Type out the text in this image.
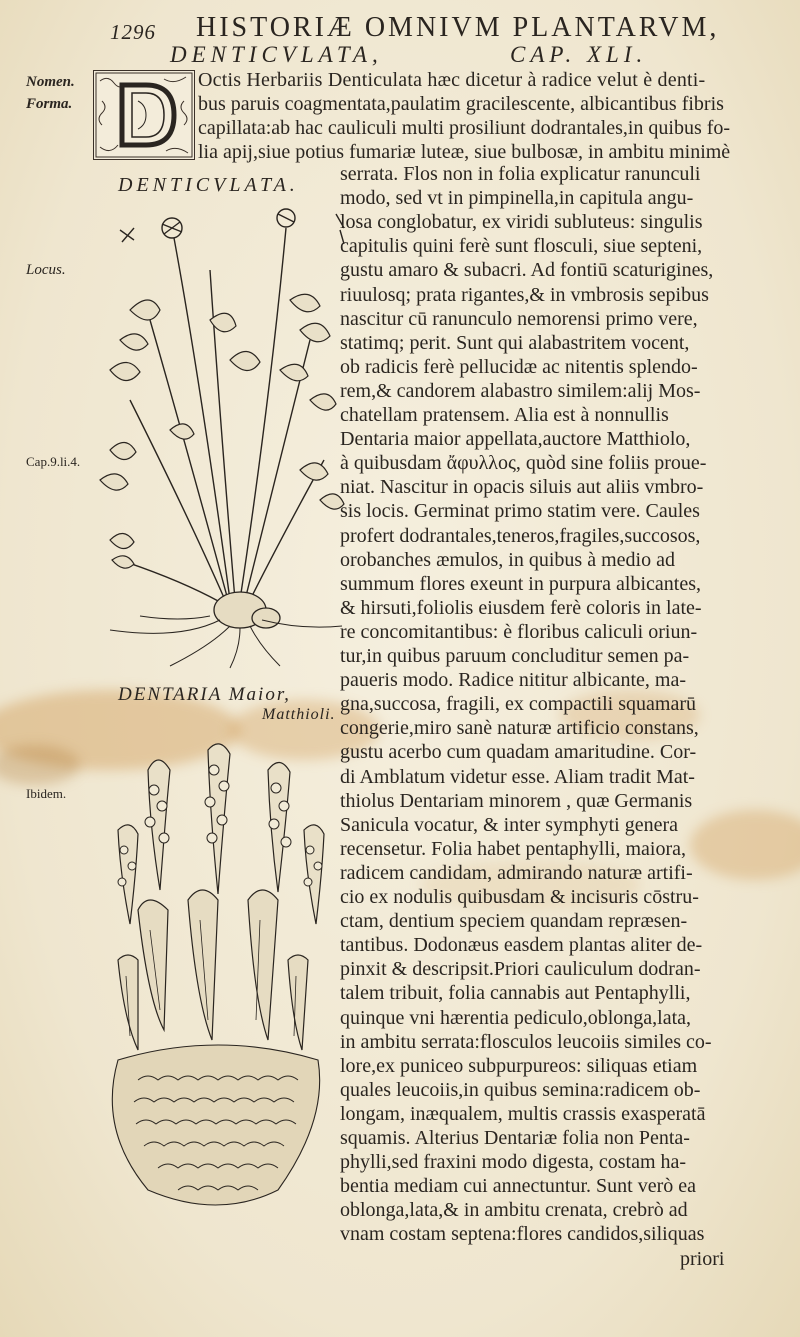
1296 HISTORIÆ OMNIVM PLANTARVM,
DENTICVLATA,	CAP. XLI.
Nomen.
Forma.
Locus.
Cap.9.li.4.
Ibidem.
Octis Herbariis Denticulata hæc dicetur à radice velut è denti-
bus paruis coagmentata,paulatim gracilescente, albicantibus fibris
capillata:ab hac cauliculi multi prosiliunt dodrantales,in quibus fo-
lia apij,siue potius fumariæ luteæ, siue bulbosæ, in ambitu minimè
DENTICVLATA.
DENTARIA Maior,
Matthioli.
serrata. Flos non in folia explicatur ranunculi
modo, sed vt in pimpinella,in capitula angu-
losa conglobatur, ex viridi subluteus: singulis
capitulis quini ferè sunt flosculi, siue septeni,
gustu amaro & subacri. Ad fontiū scaturigines,
riuulosq; prata rigantes,& in vmbrosis sepibus
nascitur cū ranunculo nemorensi primo vere,
statimq; perit. Sunt qui alabastritem vocent,
ob radicis ferè pellucidæ ac nitentis splendo-
rem,& candorem alabastro similem:alij Mos-
chatellam pratensem. Alia est à nonnullis
Dentaria maior appellata,auctore Matthiolo,
à quibusdam ἄφυλλος, quòd sine foliis proue-
niat. Nascitur in opacis siluis aut aliis vmbro-
sis locis. Germinat primo statim vere. Caules
profert dodrantales,teneros,fragiles,succosos,
orobanches æmulos, in quibus à medio ad
summum flores exeunt in purpura albicantes,
& hirsuti,foliolis eiusdem ferè coloris in late-
re concomitantibus: è floribus caliculi oriun-
tur,in quibus paruum concluditur semen pa-
paueris modo. Radice nititur albicante, ma-
gna,succosa, fragili, ex compactili squamarū
congerie,miro sanè naturæ artificio constans,
gustu acerbo cum quadam amaritudine. Cor-
di Amblatum videtur esse. Aliam tradit Mat-
thiolus Dentariam minorem , quæ Germanis
Sanicula vocatur, & inter symphyti genera
recensetur. Folia habet pentaphylli, maiora,
radicem candidam, admirando naturæ artifi-
cio ex nodulis quibusdam & incisuris cōstru-
ctam, dentium speciem quandam repræsen-
tantibus. Dodonæus easdem plantas aliter de-
pinxit & descripsit.Priori cauliculum dodran-
talem tribuit, folia cannabis aut Pentaphylli,
quinque vni hærentia pediculo,oblonga,lata,
in ambitu serrata:flosculos leucoiis similes co-
lore,ex puniceo subpurpureos: siliquas etiam
quales leucoiis,in quibus semina:radicem ob-
longam, inæqualem, multis crassis exasperatā
squamis. Alterius Dentariæ folia non Penta-
phylli,sed fraxini modo digesta, costam ha-
bentia mediam cui annectuntur. Sunt verò ea
oblonga,lata,& in ambitu crenata, crebrò ad
vnam costam septena:flores candidos,siliquas
priori
